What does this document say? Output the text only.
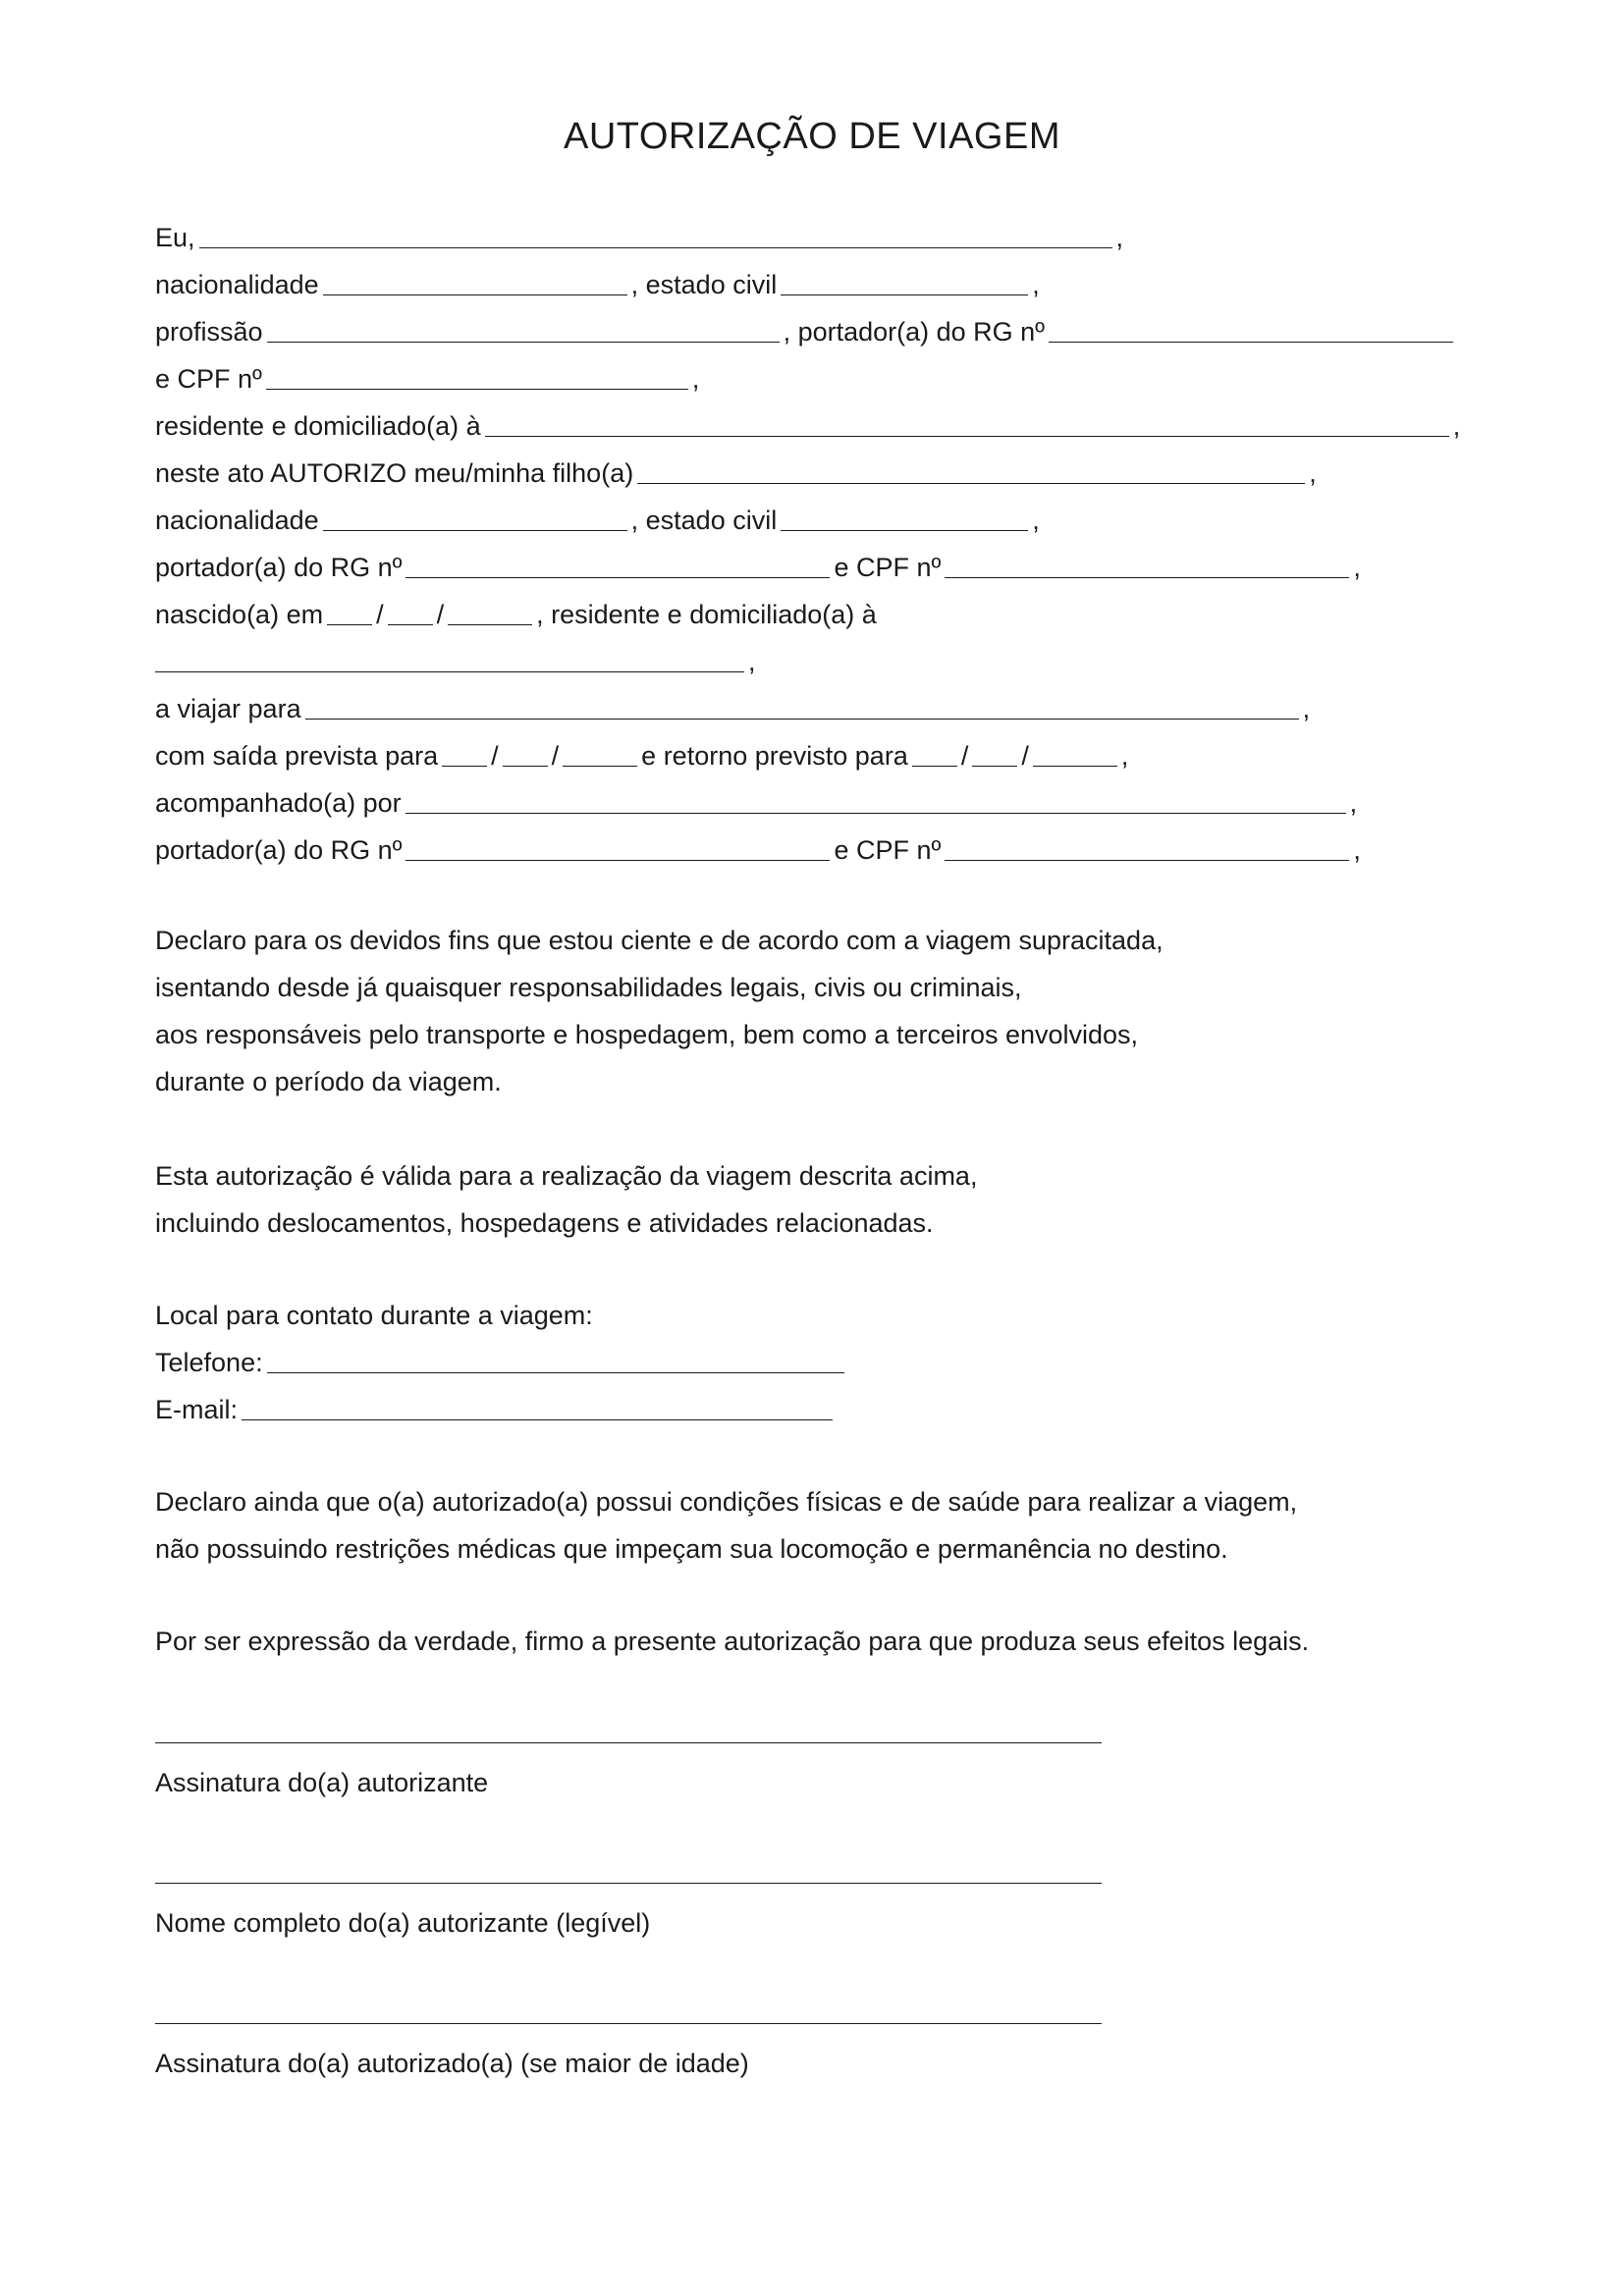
AUTORIZAÇÃO DE VIAGEM
Eu,	,
nacionalidade	, estado civil	,
profissão	, portador(a) do RG nº
e CPF nº	,
residente e domiciliado(a) à	,
neste ato AUTORIZO meu/minha filho(a)	,
nacionalidade	, estado civil	,
portador(a) do RG nº	e CPF nº	,
nascido(a) em / /	, residente e domiciliado(a) à
,
a viajar para	,
com saída prevista para / /	e retorno previsto para / /	,
acompanhado(a) por	,
portador(a) do RG nº	e CPF nº	,
Declaro para os devidos fins que estou ciente e de acordo com a viagem supracitada,
isentando desde já quaisquer responsabilidades legais, civis ou criminais,
aos responsáveis pelo transporte e hospedagem, bem como a terceiros envolvidos,
durante o período da viagem.
Esta autorização é válida para a realização da viagem descrita acima,
incluindo deslocamentos, hospedagens e atividades relacionadas.
Local para contato durante a viagem:
Telefone:
E-mail:
Declaro ainda que o(a) autorizado(a) possui condições físicas e de saúde para realizar a viagem,
não possuindo restrições médicas que impeçam sua locomoção e permanência no destino.
Por ser expressão da verdade, firmo a presente autorização para que produza seus efeitos legais.
Assinatura do(a) autorizante
Nome completo do(a) autorizante (legível)
Assinatura do(a) autorizado(a) (se maior de idade)
